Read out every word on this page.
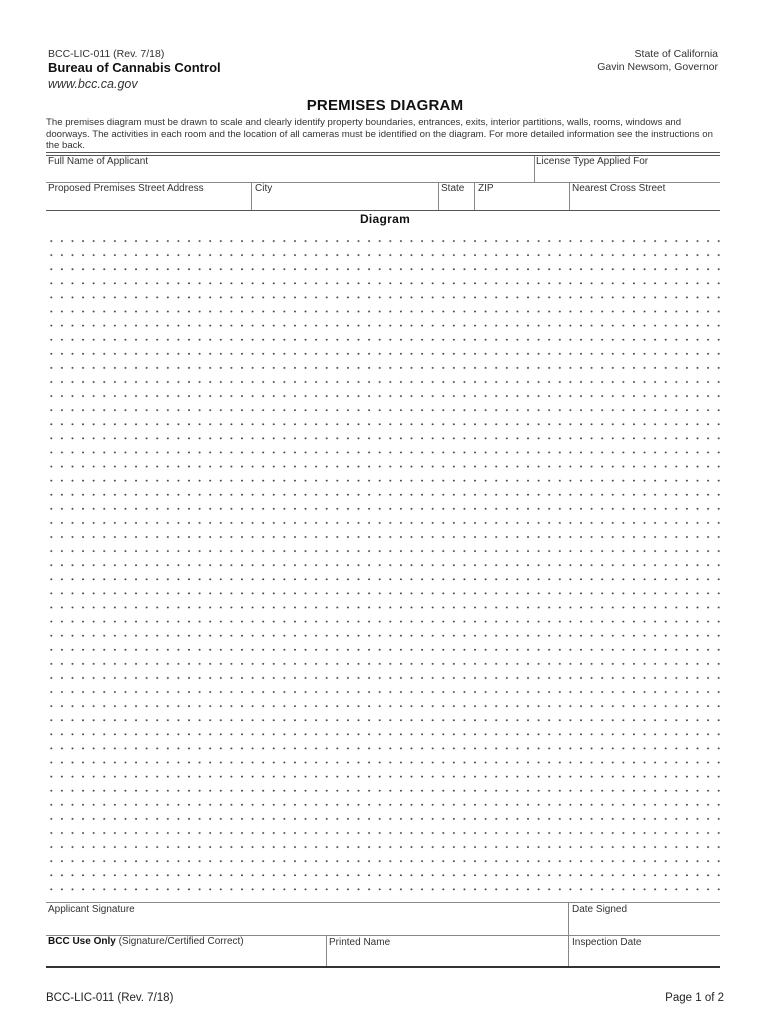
BCC-LIC-011 (Rev. 7/18)
Bureau of Cannabis Control
www.bcc.ca.gov
State of California
Gavin Newsom, Governor
PREMISES DIAGRAM
The premises diagram must be drawn to scale and clearly identify property boundaries, entrances, exits, interior partitions, walls, rooms, windows and doorways. The activities in each room and the location of all cameras must be identified on the diagram. For more detailed information see the instructions on the back.
Full Name of Applicant	License Type Applied For
Proposed Premises Street Address	City	State ZIP	Nearest Cross Street
Diagram
Applicant Signature	Date Signed
BCC Use Only (Signature/Certified Correct)	Printed Name	Inspection Date
BCC-LIC-011 (Rev. 7/18)	Page 1 of 2
